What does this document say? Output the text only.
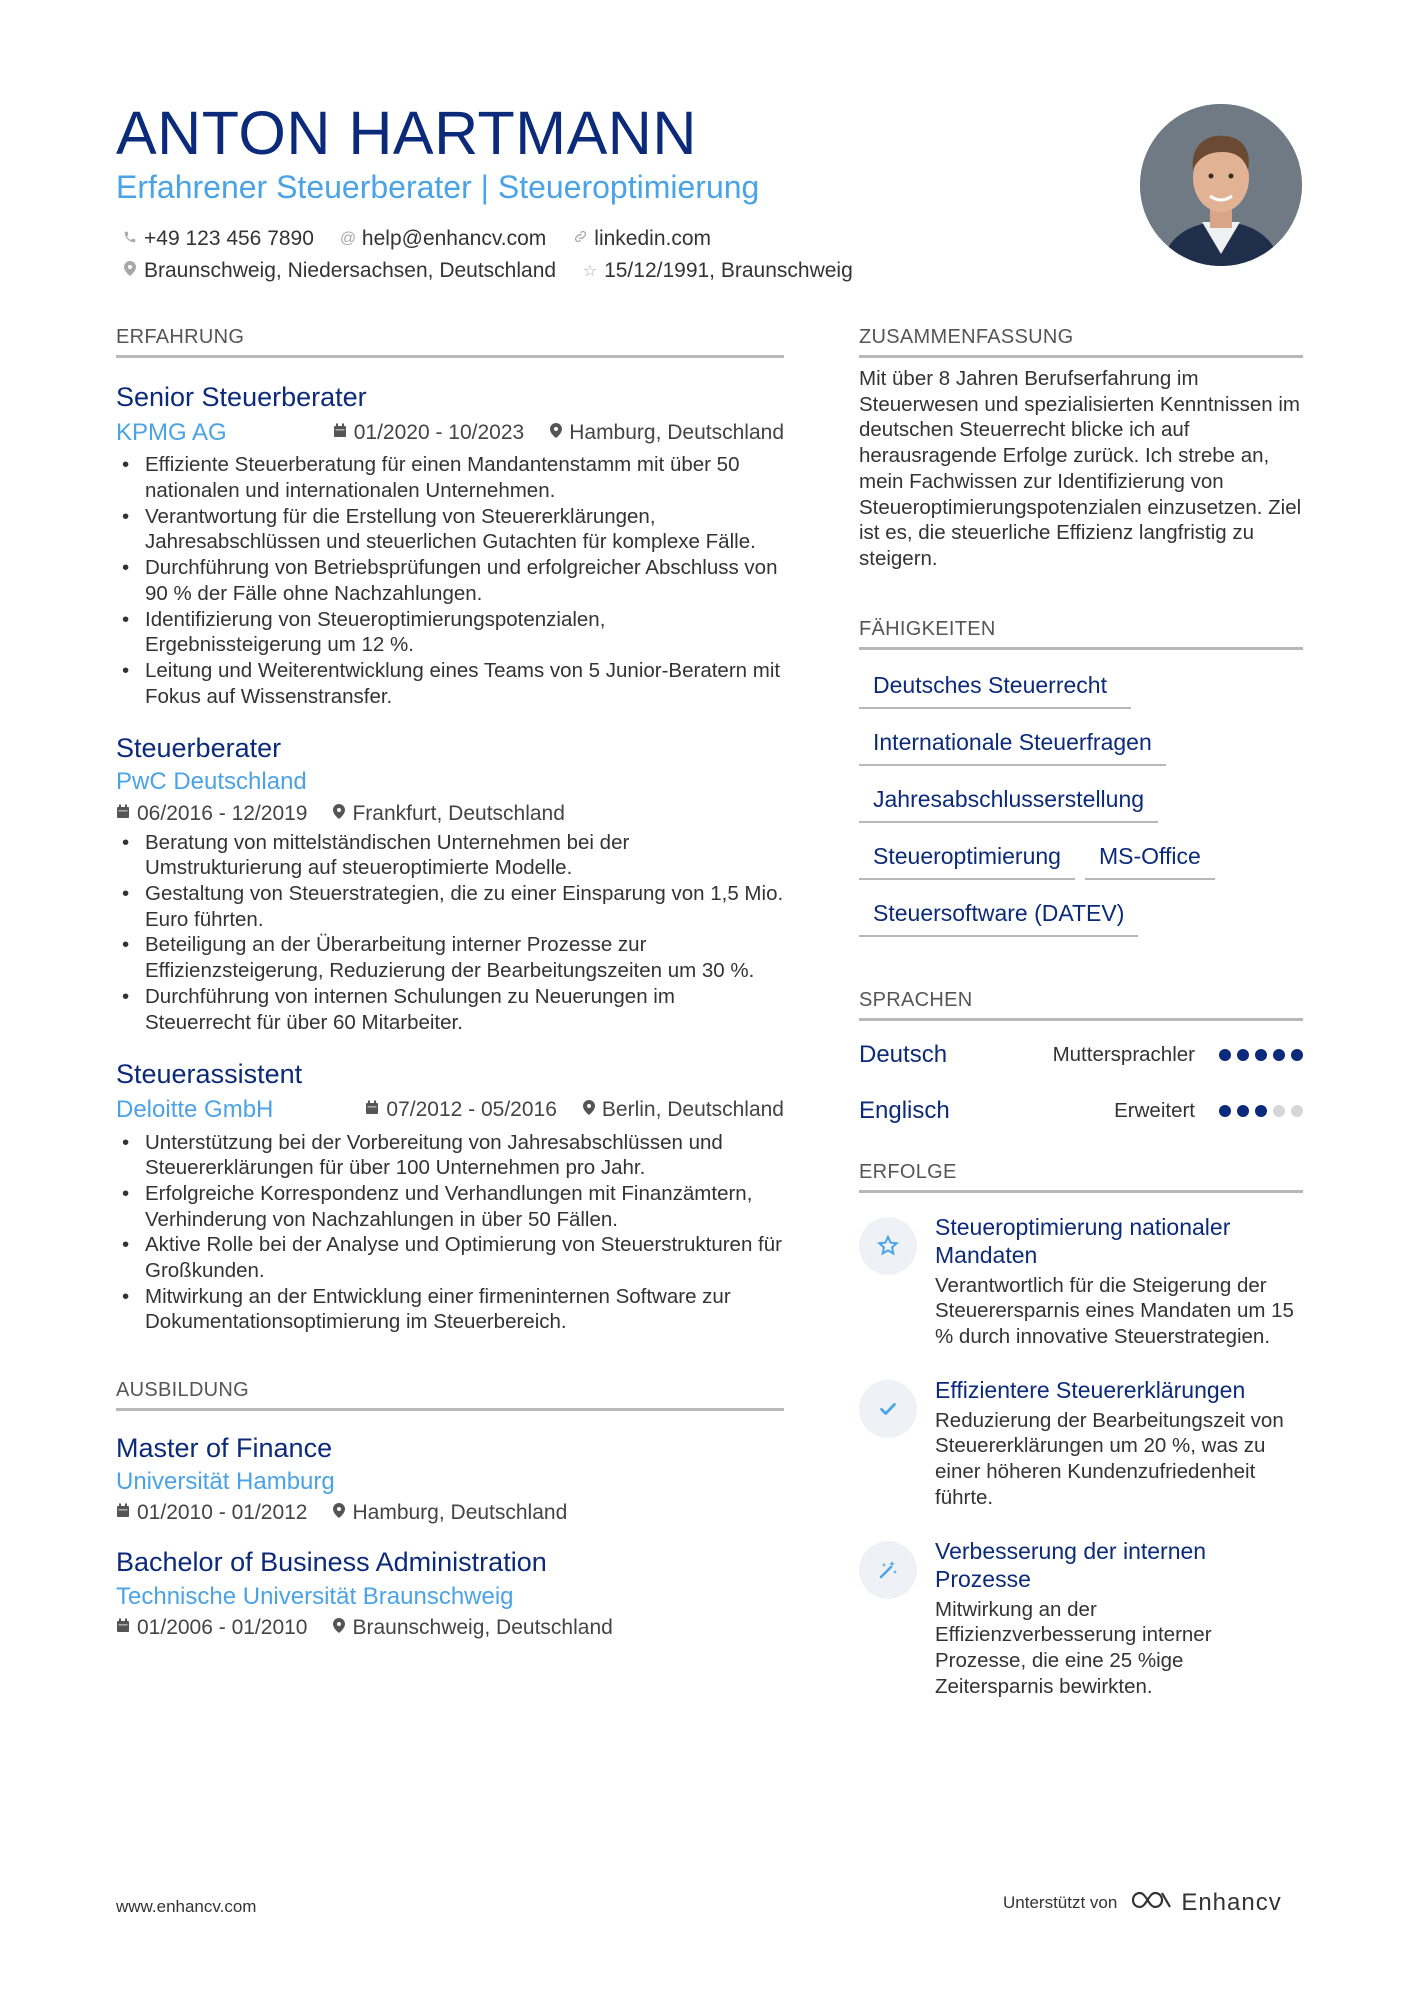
ANTON HARTMANN
Erfahrener Steuerberater | Steueroptimierung
+49 123 456 7890 @ help@enhancv.com linkedin.com
Braunschweig, Niedersachsen, Deutschland ☆ 15/12/1991, Braunschweig
ERFAHRUNG
Senior Steuerberater
KPMG AG	01/2020 - 10/2023 Hamburg, Deutschland
• Effiziente Steuerberatung für einen Mandantenstamm mit über 50 nationalen und internationalen Unternehmen.
• Verantwortung für die Erstellung von Steuererklärungen, Jahresabschlüssen und steuerlichen Gutachten für komplexe Fälle.
• Durchführung von Betriebsprüfungen und erfolgreicher Abschluss von 90 % der Fälle ohne Nachzahlungen.
• Identifizierung von Steueroptimierungspotenzialen, Ergebnissteigerung um 12 %.
• Leitung und Weiterentwicklung eines Teams von 5 Junior-Beratern mit Fokus auf Wissenstransfer.
Steuerberater
PwC Deutschland
06/2016 - 12/2019 Frankfurt, Deutschland
• Beratung von mittelständischen Unternehmen bei der Umstrukturierung auf steueroptimierte Modelle.
• Gestaltung von Steuerstrategien, die zu einer Einsparung von 1,5 Mio. Euro führten.
• Beteiligung an der Überarbeitung interner Prozesse zur Effizienzsteigerung, Reduzierung der Bearbeitungszeiten um 30 %.
• Durchführung von internen Schulungen zu Neuerungen im Steuerrecht für über 60 Mitarbeiter.
Steuerassistent
Deloitte GmbH	07/2012 - 05/2016 Berlin, Deutschland
• Unterstützung bei der Vorbereitung von Jahresabschlüssen und Steuererklärungen für über 100 Unternehmen pro Jahr.
• Erfolgreiche Korrespondenz und Verhandlungen mit Finanzämtern, Verhinderung von Nachzahlungen in über 50 Fällen.
• Aktive Rolle bei der Analyse und Optimierung von Steuerstrukturen für Großkunden.
• Mitwirkung an der Entwicklung einer firmeninternen Software zur Dokumentationsoptimierung im Steuerbereich.
AUSBILDUNG
Master of Finance
Universität Hamburg
01/2010 - 01/2012 Hamburg, Deutschland
Bachelor of Business Administration
Technische Universität Braunschweig
01/2006 - 01/2010 Braunschweig, Deutschland
ZUSAMMENFASSUNG
Mit über 8 Jahren Berufserfahrung im Steuerwesen und spezialisierten Kenntnissen im deutschen Steuerrecht blicke ich auf herausragende Erfolge zurück. Ich strebe an, mein Fachwissen zur Identifizierung von Steueroptimierungspotenzialen einzusetzen. Ziel ist es, die steuerliche Effizienz langfristig zu steigern.
FÄHIGKEITEN
Deutsches Steuerrecht
Internationale Steuerfragen
Jahresabschlusserstellung
Steueroptimierung	MS-Office
Steuersoftware (DATEV)
SPRACHEN
Deutsch	Muttersprachler
Englisch	Erweitert
ERFOLGE
Steueroptimierung nationaler Mandaten
Verantwortlich für die Steigerung der Steuerersparnis eines Mandaten um 15 % durch innovative Steuerstrategien.
Effizientere Steuererklärungen
Reduzierung der Bearbeitungszeit von Steuererklärungen um 20 %, was zu einer höheren Kundenzufriedenheit führte.
Verbesserung der internen Prozesse
Mitwirkung an der Effizienzverbesserung interner Prozesse, die eine 25 %ige Zeitersparnis bewirkten.
www.enhancv.com	Unterstützt von	Enhancv
